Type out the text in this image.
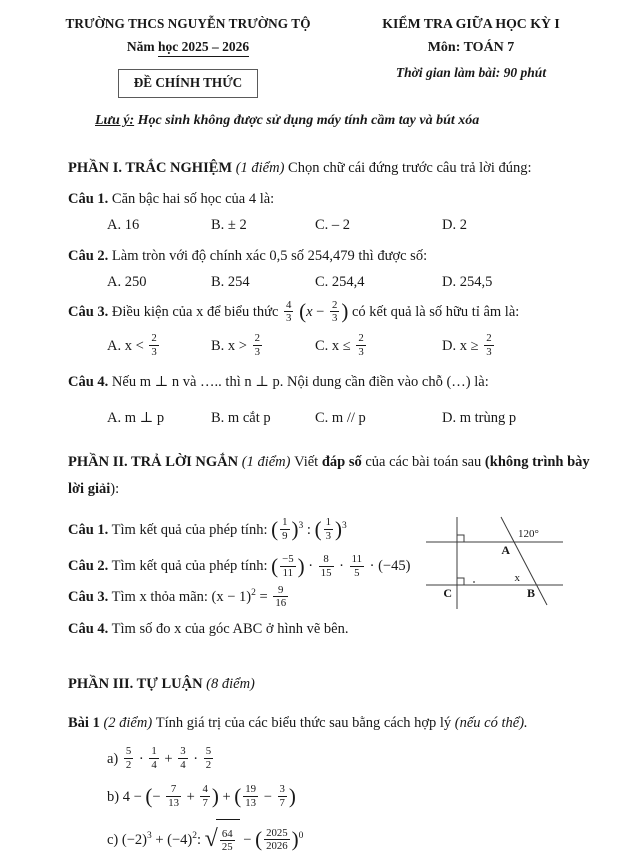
TRƯỜNG THCS NGUYỄN TRƯỜNG TỘ
Năm học 2025 – 2026
ĐỀ CHÍNH THỨC
KIỂM TRA GIỮA HỌC KỲ I
Môn: TOÁN 7
Thời gian làm bài: 90 phút
Lưu ý: Học sinh không được sử dụng máy tính cầm tay và bút xóa
PHẦN I. TRẮC NGHIỆM (1 điểm) Chọn chữ cái đứng trước câu trả lời đúng:
Câu 1. Căn bậc hai số học của 4 là:
A. 16	B. ± 2	C. – 2	D. 2
Câu 2. Làm tròn với độ chính xác 0,5 số 254,479 thì được số:
A. 250	B. 254	C. 254,4	D. 254,5
Câu 3. Điều kiện của x để biểu thức $\frac{4}{3} (x - \frac{2}{3}$ ) có kết quả là số hữu tỉ âm là:
A. $x < \frac{2}{3}$	B. $x > \frac{2}{3}$	C. $x \le \frac{2}{3}$	D. $x \ge \frac{2}{3}$
Câu 4. Nếu m ⊥ n và ….. thì n ⊥ p. Nội dung cần điền vào chỗ (…) là:
A. m ⊥ p	B. m cắt p	C. m // p	D. m trùng p
PHẦN II. TRẢ LỜI NGẮN (1 điểm) Viết đáp số của các bài toán sau (không trình bày
lời giải):
Câu 1. Tìm kết quả của phép tính: ( $\frac{1}{9} )^3$ : ( $\frac{1}{3} )^3$
Câu 2. Tìm kết quả của phép tính: ( $\frac{-5}{11}$ ) · $\frac{8}{15} \cdot \frac{11}{5} \cdot (-45)$
Câu 3. Tìm x thỏa mãn: $(x - 1)^2 = \frac{9}{16}$
Câu 4. Tìm số đo x của góc ABC ở hình vẽ bên.
PHẦN III. TỰ LUẬN (8 điểm)
Bài 1 (2 điểm) Tính giá trị của các biểu thức sau bằng cách hợp lý (nếu có thể).
$a) \frac{5}{2} \cdot \frac{1}{4} + \frac{3}{4} \cdot \frac{5}{2}$
b) 4 − (− $\frac{7}{13} + \frac{4}{7}$ ) + ( $\frac{19}{13} - \frac{3}{7}$ )
c) $(-2)^3 + (-4)^2$: √ $\frac{64}{25}$ − ( $\frac{2025}{2026} )^0$
120°
A
x
B
C
